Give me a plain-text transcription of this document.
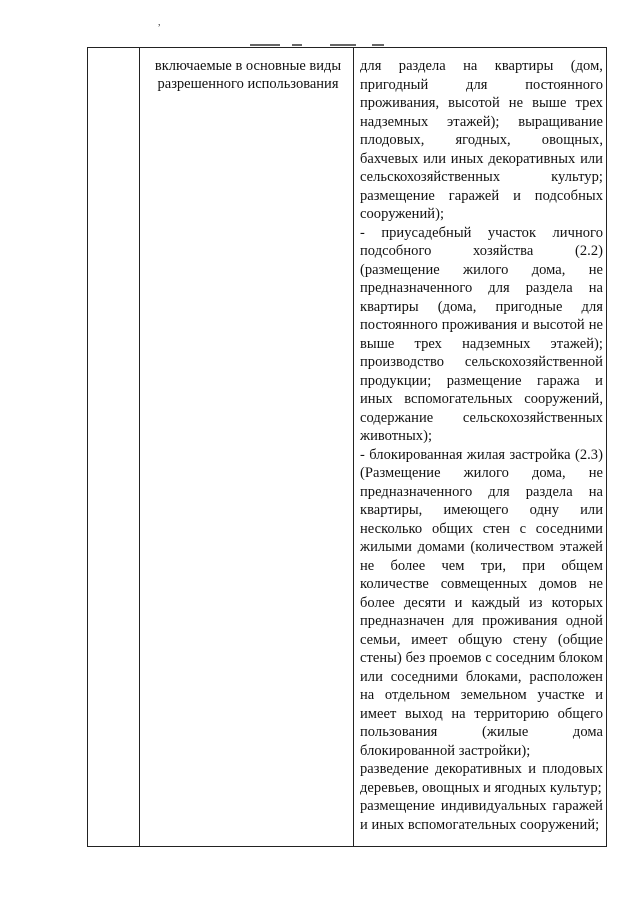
,
включаемые в основные виды разрешенного использования

для раздела на квартиры (дом, пригодный для постоянного проживания, высотой не выше трех надземных этажей); выращивание плодовых, ягодных, овощных, бахчевых или иных декоративных или сельскохозяйственных культур; размещение гаражей и подсобных сооружений);

- приусадебный участок личного подсобного хозяйства (2.2) (размещение жилого дома, не предназначенного для раздела на квартиры (дома, пригодные для постоянного проживания и высотой не выше трех надземных этажей); производство сельскохозяйственной продукции; размещение гаража и иных вспомогательных сооружений, содержание сельскохозяйственных животных);

- блокированная жилая застройка (2.3) (Размещение жилого дома, не предназначенного для раздела на квартиры, имеющего одну или несколько общих стен с соседними жилыми домами (количеством этажей не более чем три, при общем количестве совмещенных домов не более десяти и каждый из которых предназначен для проживания одной семьи, имеет общую стену (общие стены) без проемов с соседним блоком или соседними блоками, расположен на отдельном земельном участке и имеет выход на территорию общего пользования (жилые дома блокированной застройки);

разведение декоративных и плодовых деревьев, овощных и ягодных культур;

размещение индивидуальных гаражей и иных вспомогательных сооружений;
